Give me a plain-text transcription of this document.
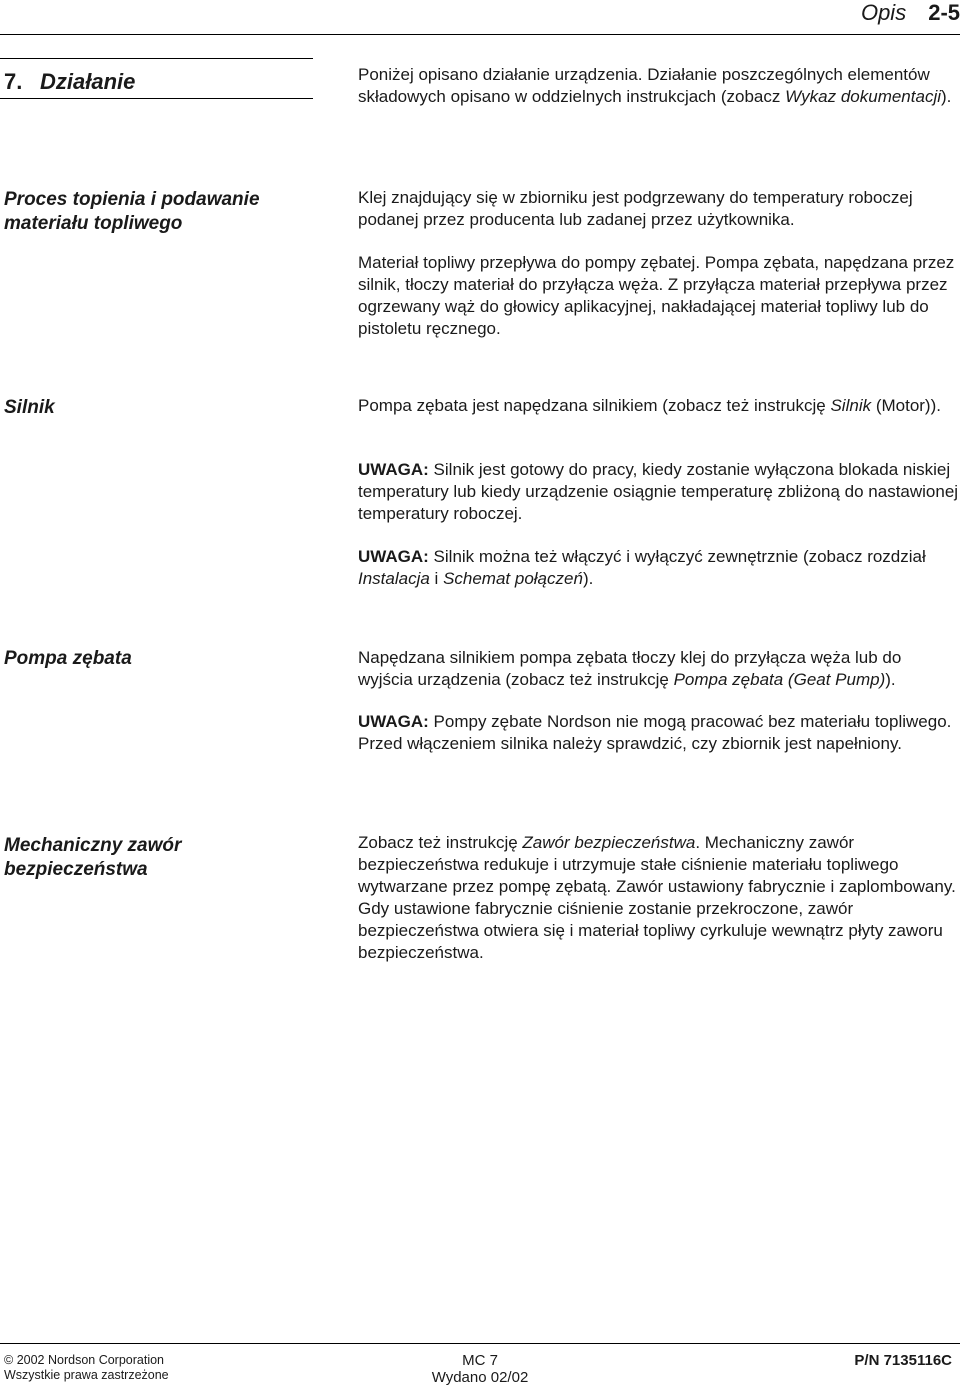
Opis 2-5
7. Działanie	Poniżej opisano działanie urządzenia. Działanie poszczególnych elementów składowych opisano w oddzielnych instrukcjach (zobacz Wykaz dokumentacji).

Proces topienia i podawanie materiału topliwego

Klej znajdujący się w zbiorniku jest podgrzewany do temperatury roboczej podanej przez producenta lub zadanej przez użytkownika.

Materiał topliwy przepływa do pompy zębatej. Pompa zębata, napędzana przez silnik, tłoczy materiał do przyłącza węża. Z przyłącza materiał przepływa przez ogrzewany wąż do głowicy aplikacyjnej, nakładającej materiał topliwy lub do pistoletu ręcznego.

Silnik	Pompa zębata jest napędzana silnikiem (zobacz też instrukcję Silnik (Motor)).

UWAGA: Silnik jest gotowy do pracy, kiedy zostanie wyłączona blokada niskiej temperatury lub kiedy urządzenie osiągnie temperaturę zbliżoną do nastawionej temperatury roboczej.

UWAGA: Silnik można też włączyć i wyłączyć zewnętrznie (zobacz rozdział Instalacja i Schemat połączeń).

Pompa zębata	Napędzana silnikiem pompa zębata tłoczy klej do przyłącza węża lub do wyjścia urządzenia (zobacz też instrukcję Pompa zębata (Geat Pump)).

UWAGA: Pompy zębate Nordson nie mogą pracować bez materiału topliwego. Przed włączeniem silnika należy sprawdzić, czy zbiornik jest napełniony.

Mechaniczny zawór bezpieczeństwa

Zobacz też instrukcję Zawór bezpieczeństwa. Mechaniczny zawór bezpieczeństwa redukuje i utrzymuje stałe ciśnienie materiału topliwego wytwarzane przez pompę zębatą. Zawór ustawiony fabrycznie i zaplombowany. Gdy ustawione fabrycznie ciśnienie zostanie przekroczone, zawór bezpieczeństwa otwiera się i materiał topliwy cyrkuluje wewnątrz płyty zaworu bezpieczeństwa.

© 2002 Nordson Corporation
Wszystkie prawa zastrzeżone
MC 7
Wydano 02/02
P/N 7135116C
